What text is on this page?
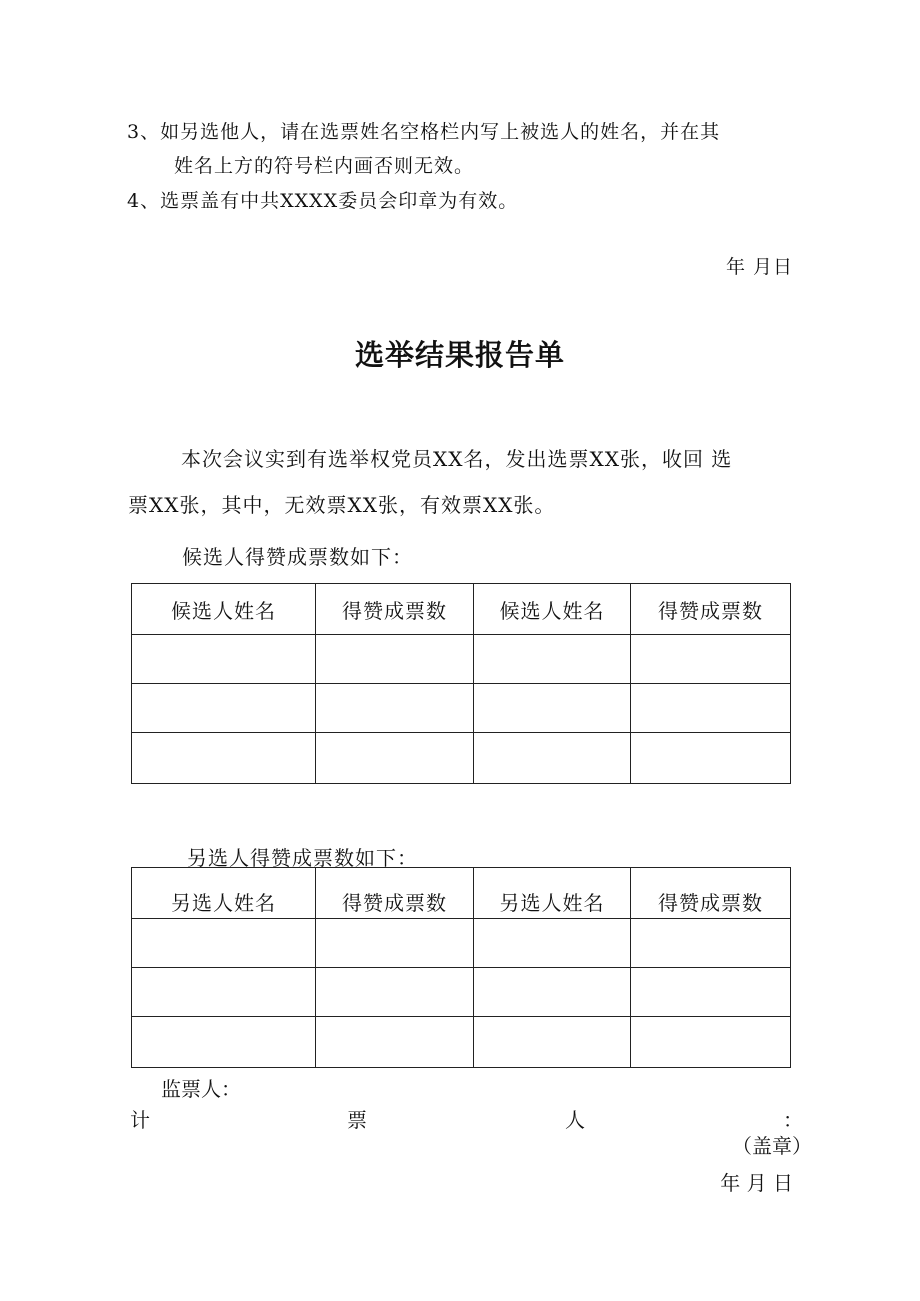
3、如另选他人，请在选票姓名空格栏内写上被选人的姓名，并在其
姓名上方的符号栏内画否则无效。
4、选票盖有中共XXXX委员会印章为有效。
年 月日
选举结果报告单
本次会议实到有选举权党员XX名，发出选票XX张，收回 选
票XX张，其中，无效票XX张，有效票XX张。
候选人得赞成票数如下：
候选人姓名	得赞成票数	候选人姓名	得赞成票数

另选人得赞成票数如下：
另选人姓名	得赞成票数	另选人姓名	得赞成票数

监票人：
计	票	人	：
（盖章）
年 月 日
